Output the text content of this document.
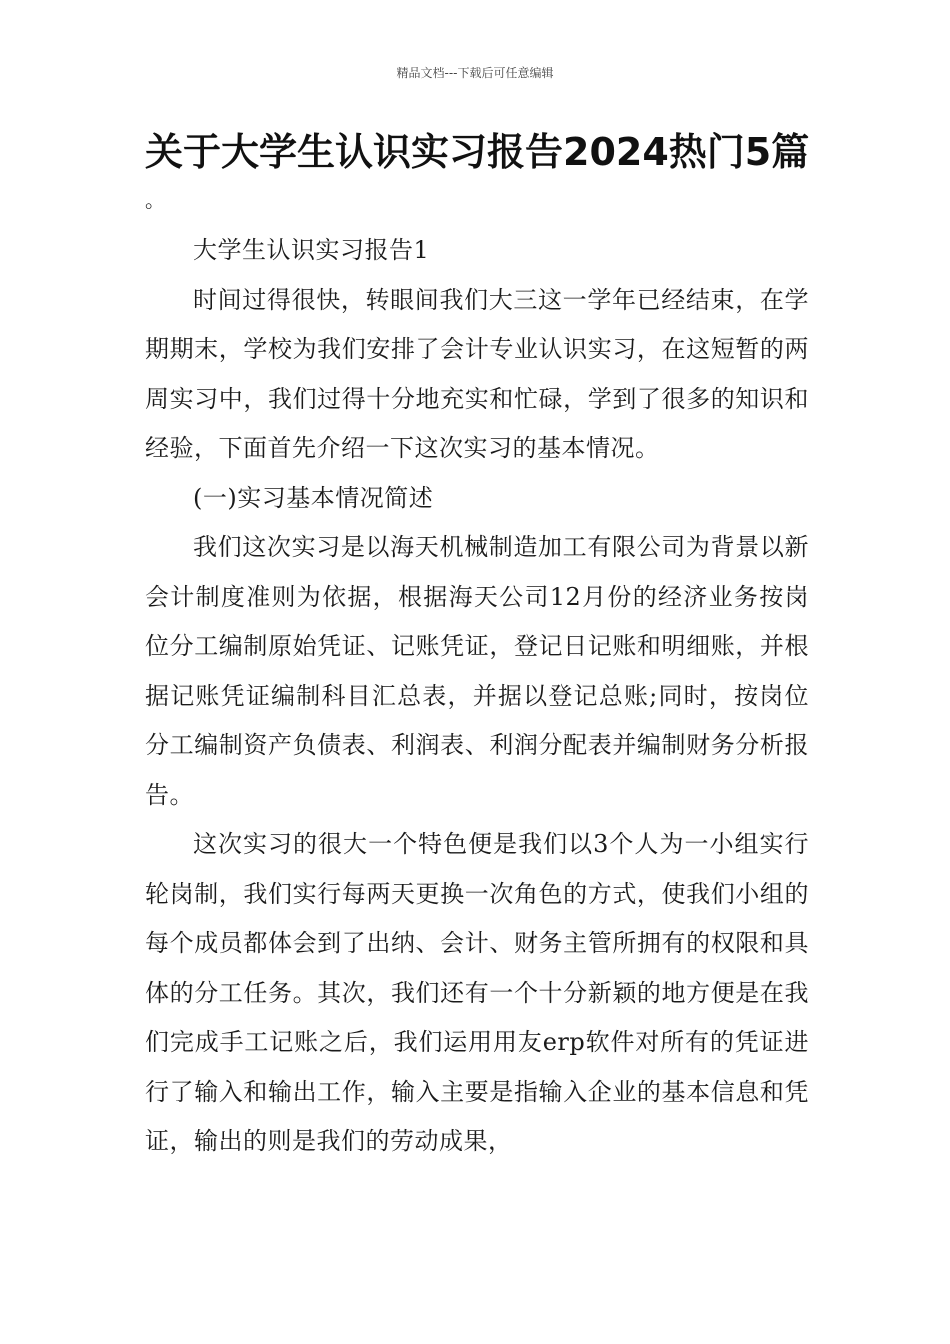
精品文档---下载后可任意编辑
关于大学生认识实习报告2024热门5篇
。

大学生认识实习报告1

时间过得很快，转眼间我们大三这一学年已经结束，在学期期末，学校为我们安排了会计专业认识实习，在这短暂的两周实习中，我们过得十分地充实和忙碌，学到了很多的知识和经验，下面首先介绍一下这次实习的基本情况。

(一)实习基本情况简述

我们这次实习是以海天机械制造加工有限公司为背景以新会计制度准则为依据，根据海天公司12月份的经济业务按岗位分工编制原始凭证、记账凭证，登记日记账和明细账，并根据记账凭证编制科目汇总表，并据以登记总账;同时，按岗位分工编制资产负债表、利润表、利润分配表并编制财务分析报告。

这次实习的很大一个特色便是我们以3个人为一小组实行轮岗制，我们实行每两天更换一次角色的方式，使我们小组的每个成员都体会到了出纳、会计、财务主管所拥有的权限和具体的分工任务。其次，我们还有一个十分新颖的地方便是在我们完成手工记账之后，我们运用用友erp软件对所有的凭证进行了输入和输出工作，输入主要是指输入企业的基本信息和凭证，输出的则是我们的劳动成果，
